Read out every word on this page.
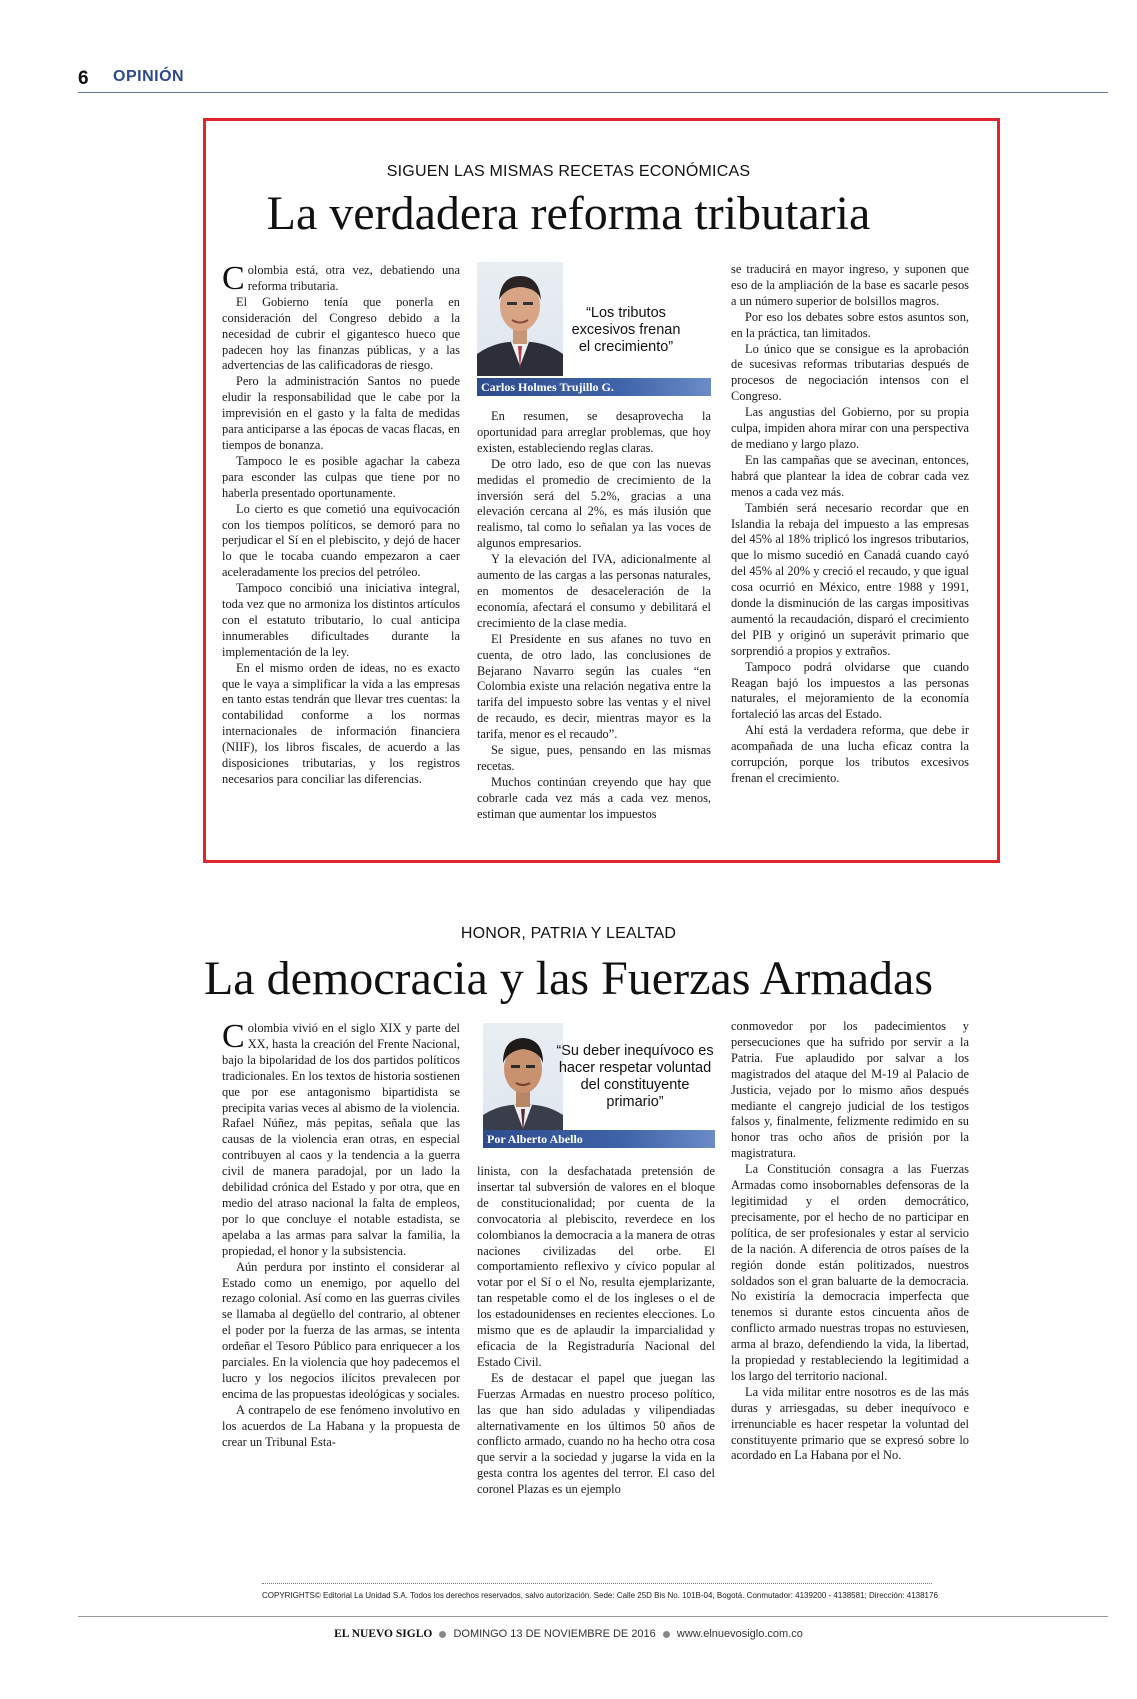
6 OPINIÓN
SIGUEN LAS MISMAS RECETAS ECONÓMICAS
La verdadera reforma tributaria

Colombia está, otra vez, debatiendo una reforma tributaria.

El Gobierno tenía que ponerla en consideración del Congreso debido a la necesidad de cubrir el gigantesco hueco que padecen hoy las finanzas públicas, y a las advertencias de las calificadoras de riesgo.

Pero la administración Santos no puede eludir la responsabilidad que le cabe por la imprevisión en el gasto y la falta de medidas para anticiparse a las épocas de vacas flacas, en tiempos de bonanza.

Tampoco le es posible agachar la cabeza para esconder las culpas que tiene por no haberla presentado oportunamente.

Lo cierto es que cometió una equivocación con los tiempos políticos, se demoró para no perjudicar el Sí en el plebiscito, y dejó de hacer lo que le tocaba cuando empezaron a caer aceleradamente los precios del petróleo.

Tampoco concibió una iniciativa integral, toda vez que no armoniza los distintos artículos con el estatuto tributario, lo cual anticipa innumerables dificultades durante la implementación de la ley.

En el mismo orden de ideas, no es exacto que le vaya a simplificar la vida a las empresas en tanto estas tendrán que llevar tres cuentas: la contabilidad conforme a los normas internacionales de información financiera (NIIF), los libros fiscales, de acuerdo a las disposiciones tributarias, y los registros necesarios para conciliar las diferencias.

“Los tributos excesivos frenan el crecimiento”
Carlos Holmes Trujillo G.

En resumen, se desaprovecha la oportunidad para arreglar problemas, que hoy existen, estableciendo reglas claras.

De otro lado, eso de que con las nuevas medidas el promedio de crecimiento de la inversión será del 5.2%, gracias a una elevación cercana al 2%, es más ilusión que realismo, tal como lo señalan ya las voces de algunos empresarios.

Y la elevación del IVA, adicionalmente al aumento de las cargas a las personas naturales, en momentos de desaceleración de la economía, afectará el consumo y debilitará el crecimiento de la clase media.

El Presidente en sus afanes no tuvo en cuenta, de otro lado, las conclusiones de Bejarano Navarro según las cuales “en Colombia existe una relación negativa entre la tarifa del impuesto sobre las ventas y el nivel de recaudo, es decir, mientras mayor es la tarifa, menor es el recaudo”.

Se sigue, pues, pensando en las mismas recetas.

Muchos continúan creyendo que hay que cobrarle cada vez más a cada vez menos, estiman que aumentar los impuestos

se traducirá en mayor ingreso, y suponen que eso de la ampliación de la base es sacarle pesos a un número superior de bolsillos magros.

Por eso los debates sobre estos asuntos son, en la práctica, tan limitados.

Lo único que se consigue es la aprobación de sucesivas reformas tributarias después de procesos de negociación intensos con el Congreso.

Las angustias del Gobierno, por su propia culpa, impiden ahora mirar con una perspectiva de mediano y largo plazo.

En las campañas que se avecinan, entonces, habrá que plantear la idea de cobrar cada vez menos a cada vez más.

También será necesario recordar que en Islandia la rebaja del impuesto a las empresas del 45% al 18% triplicó los ingresos tributarios, que lo mismo sucedió en Canadá cuando cayó del 45% al 20% y creció el recaudo, y que igual cosa ocurrió en México, entre 1988 y 1991, donde la disminución de las cargas impositivas aumentó la recaudación, disparó el crecimiento del PIB y originó un superávit primario que sorprendió a propios y extraños.

Tampoco podrá olvidarse que cuando Reagan bajó los impuestos a las personas naturales, el mejoramiento de la economía fortaleció las arcas del Estado.

Ahí está la verdadera reforma, que debe ir acompañada de una lucha eficaz contra la corrupción, porque los tributos excesivos frenan el crecimiento.

HONOR, PATRIA Y LEALTAD
La democracia y las Fuerzas Armadas

Colombia vivió en el siglo XIX y parte del XX, hasta la creación del Frente Nacional, bajo la bipolaridad de los dos partidos políticos tradicionales. En los textos de historia sostienen que por ese antagonismo bipartidista se precipita varias veces al abismo de la violencia. Rafael Núñez, más pepitas, señala que las causas de la violencia eran otras, en especial contribuyen al caos y la tendencia a la guerra civil de manera paradojal, por un lado la debilidad crónica del Estado y por otra, que en medio del atraso nacional la falta de empleos, por lo que concluye el notable estadista, se apelaba a las armas para salvar la familia, la propiedad, el honor y la subsistencia.

Aún perdura por instinto el considerar al Estado como un enemigo, por aquello del rezago colonial. Así como en las guerras civiles se llamaba al degüello del contrario, al obtener el poder por la fuerza de las armas, se intenta ordeñar el Tesoro Público para enriquecer a los parciales. En la violencia que hoy padecemos el lucro y los negocios ilícitos prevalecen por encima de las propuestas ideológicas y sociales.

A contrapelo de ese fenómeno involutivo en los acuerdos de La Habana y la propuesta de crear un Tribunal Esta-

“Su deber inequívoco es hacer respetar voluntad del constituyente primario”
Por Alberto Abello

linista, con la desfachatada pretensión de insertar tal subversión de valores en el bloque de constitucionalidad; por cuenta de la convocatoria al plebiscito, reverdece en los colombianos la democracia a la manera de otras naciones civilizadas del orbe. El comportamiento reflexivo y cívico popular al votar por el Sí o el No, resulta ejemplarizante, tan respetable como el de los ingleses o el de los estadounidenses en recientes elecciones. Lo mismo que es de aplaudir la imparcialidad y eficacia de la Registraduría Nacional del Estado Civil.

Es de destacar el papel que juegan las Fuerzas Armadas en nuestro proceso político, las que han sido aduladas y vilipendiadas alternativamente en los últimos 50 años de conflicto armado, cuando no ha hecho otra cosa que servir a la sociedad y jugarse la vida en la gesta contra los agentes del terror. El caso del coronel Plazas es un ejemplo

conmovedor por los padecimientos y persecuciones que ha sufrido por servir a la Patria. Fue aplaudido por salvar a los magistrados del ataque del M-19 al Palacio de Justicia, vejado por lo mismo años después mediante el cangrejo judicial de los testigos falsos y, finalmente, felizmente redimido en su honor tras ocho años de prisión por la magistratura.

La Constitución consagra a las Fuerzas Armadas como insobornables defensoras de la legitimidad y el orden democrático, precisamente, por el hecho de no participar en política, de ser profesionales y estar al servicio de la nación. A diferencia de otros países de la región donde están politizados, nuestros soldados son el gran baluarte de la democracia. No existiría la democracia imperfecta que tenemos si durante estos cincuenta años de conflicto armado nuestras tropas no estuviesen, arma al brazo, defendiendo la vida, la libertad, la propiedad y restableciendo la legitimidad a los largo del territorio nacional.

La vida militar entre nosotros es de las más duras y arriesgadas, su deber inequívoco e irrenunciable es hacer respetar la voluntad del constituyente primario que se expresó sobre lo acordado en La Habana por el No.

COPYRIGHTS© Editorial La Unidad S.A. Todos los derechos reservados, salvo autorización. Sede: Calle 25D Bis No. 101B-04, Bogotá. Conmutador: 4139200 - 4138581; Dirección: 4138176
EL NUEVO SIGLO DOMINGO 13 DE NOVIEMBRE DE 2016 www.elnuevosiglo.com.co
